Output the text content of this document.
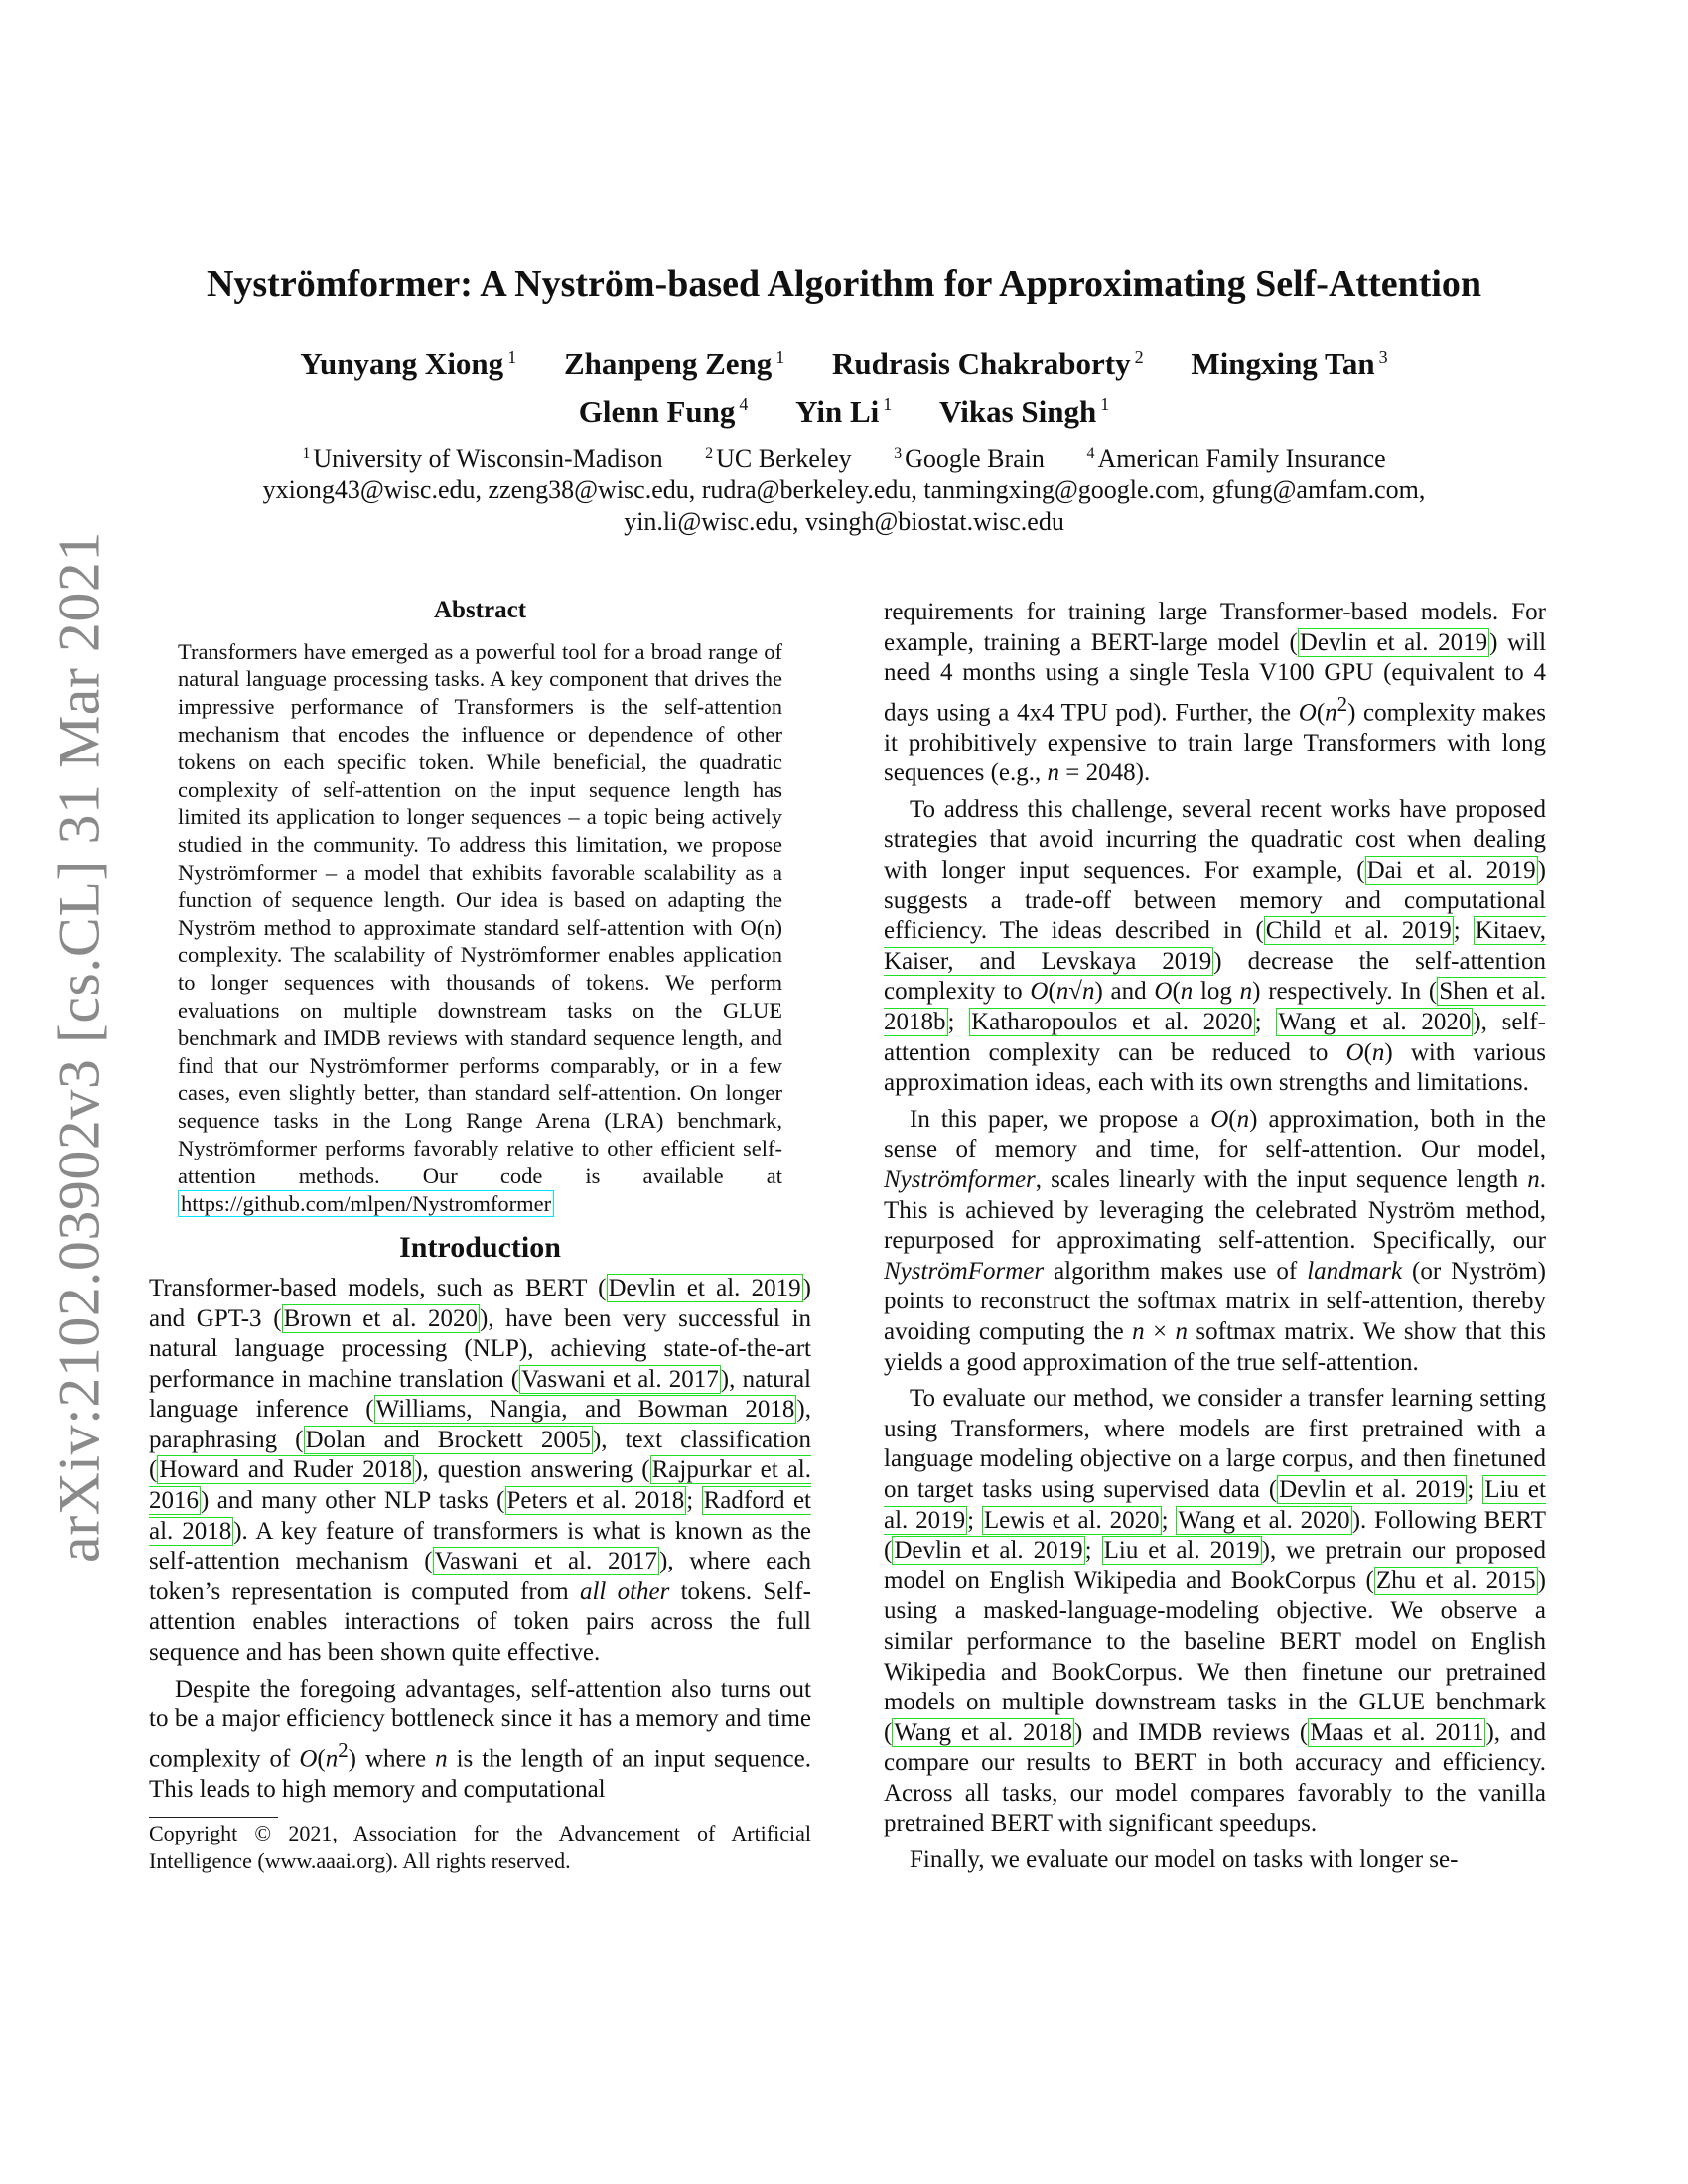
arXiv:2102.03902v3 [cs.CL] 31 Mar 2021
Nyströmformer: A Nyström-based Algorithm for Approximating Self-Attention
Yunyang Xiong $^1$ Zhanpeng Zeng $^1$ Rudrasis Chakraborty $^2$ Mingxing Tan $^3$
Glenn Fung $^4$ Yin Li $^1$ Vikas Singh $^1$
$^1$ University of Wisconsin-Madison	$^2$ UC Berkeley	$^3$ Google Brain	$^4$ American Family Insurance
yxiong43@wisc.edu, zzeng38@wisc.edu, rudra@berkeley.edu, tanmingxing@google.com, gfung@amfam.com,
yin.li@wisc.edu, vsingh@biostat.wisc.edu
Abstract
Transformers have emerged as a powerful tool for a broad range of natural language processing tasks. A key component that drives the impressive performance of Transformers is the self-attention mechanism that encodes the influence or dependence of other tokens on each specific token. While beneficial, the quadratic complexity of self-attention on the input sequence length has limited its application to longer sequences – a topic being actively studied in the community. To address this limitation, we propose Nyströmformer – a model that exhibits favorable scalability as a function of sequence length. Our idea is based on adapting the Nyström method to approximate standard self-attention with O(n) complexity. The scalability of Nyströmformer enables application to longer sequences with thousands of tokens. We perform evaluations on multiple downstream tasks on the GLUE benchmark and IMDB reviews with standard sequence length, and find that our Nyströmformer performs comparably, or in a few cases, even slightly better, than standard self-attention. On longer sequence tasks in the Long Range Arena (LRA) benchmark, Nyströmformer performs favorably relative to other efficient self-attention methods. Our code is available at https://github.com/mlpen/Nystromformer
Introduction

Transformer-based models, such as BERT (Devlin et al. 2019) and GPT-3 (Brown et al. 2020), have been very successful in natural language processing (NLP), achieving state-of-the-art performance in machine translation (Vaswani et al. 2017), natural language inference (Williams, Nangia, and Bowman 2018), paraphrasing (Dolan and Brockett 2005), text classification (Howard and Ruder 2018), question answering (Rajpurkar et al. 2016) and many other NLP tasks (Peters et al. 2018; Radford et al. 2018). A key feature of transformers is what is known as the self-attention mechanism (Vaswani et al. 2017), where each token’s representation is computed from all other tokens. Self-attention enables interactions of token pairs across the full sequence and has been shown quite effective.

Despite the foregoing advantages, self-attention also turns out to be a major efficiency bottleneck since it has a memory and time complexity of $O(n^2)$ where n is the length of an input sequence. This leads to high memory and computational

Copyright © 2021, Association for the Advancement of Artificial Intelligence (www.aaai.org). All rights reserved.

requirements for training large Transformer-based models. For example, training a BERT-large model (Devlin et al. 2019) will need 4 months using a single Tesla V100 GPU (equivalent to 4 days using a 4x4 TPU pod). Further, the $O(n^2)$ complexity makes it prohibitively expensive to train large Transformers with long sequences (e.g., n = 2048).

To address this challenge, several recent works have proposed strategies that avoid incurring the quadratic cost when dealing with longer input sequences. For example, (Dai et al. 2019) suggests a trade-off between memory and computational efficiency. The ideas described in (Child et al. 2019; Kitaev, Kaiser, and Levskaya 2019) decrease the self-attention complexity to O(n√n) and O(n log n) respectively. In (Shen et al. 2018b; Katharopoulos et al. 2020; Wang et al. 2020), self-attention complexity can be reduced to O(n) with various approximation ideas, each with its own strengths and limitations.

In this paper, we propose a O(n) approximation, both in the sense of memory and time, for self-attention. Our model, Nyströmformer, scales linearly with the input sequence length n. This is achieved by leveraging the celebrated Nyström method, repurposed for approximating self-attention. Specifically, our NyströmFormer algorithm makes use of landmark (or Nyström) points to reconstruct the softmax matrix in self-attention, thereby avoiding computing the n × n softmax matrix. We show that this yields a good approximation of the true self-attention.

To evaluate our method, we consider a transfer learning setting using Transformers, where models are first pretrained with a language modeling objective on a large corpus, and then finetuned on target tasks using supervised data (Devlin et al. 2019; Liu et al. 2019; Lewis et al. 2020; Wang et al. 2020). Following BERT (Devlin et al. 2019; Liu et al. 2019), we pretrain our proposed model on English Wikipedia and BookCorpus (Zhu et al. 2015) using a masked-language-modeling objective. We observe a similar performance to the baseline BERT model on English Wikipedia and BookCorpus. We then finetune our pretrained models on multiple downstream tasks in the GLUE benchmark (Wang et al. 2018) and IMDB reviews (Maas et al. 2011), and compare our results to BERT in both accuracy and efficiency. Across all tasks, our model compares favorably to the vanilla pretrained BERT with significant speedups.

Finally, we evaluate our model on tasks with longer se-
